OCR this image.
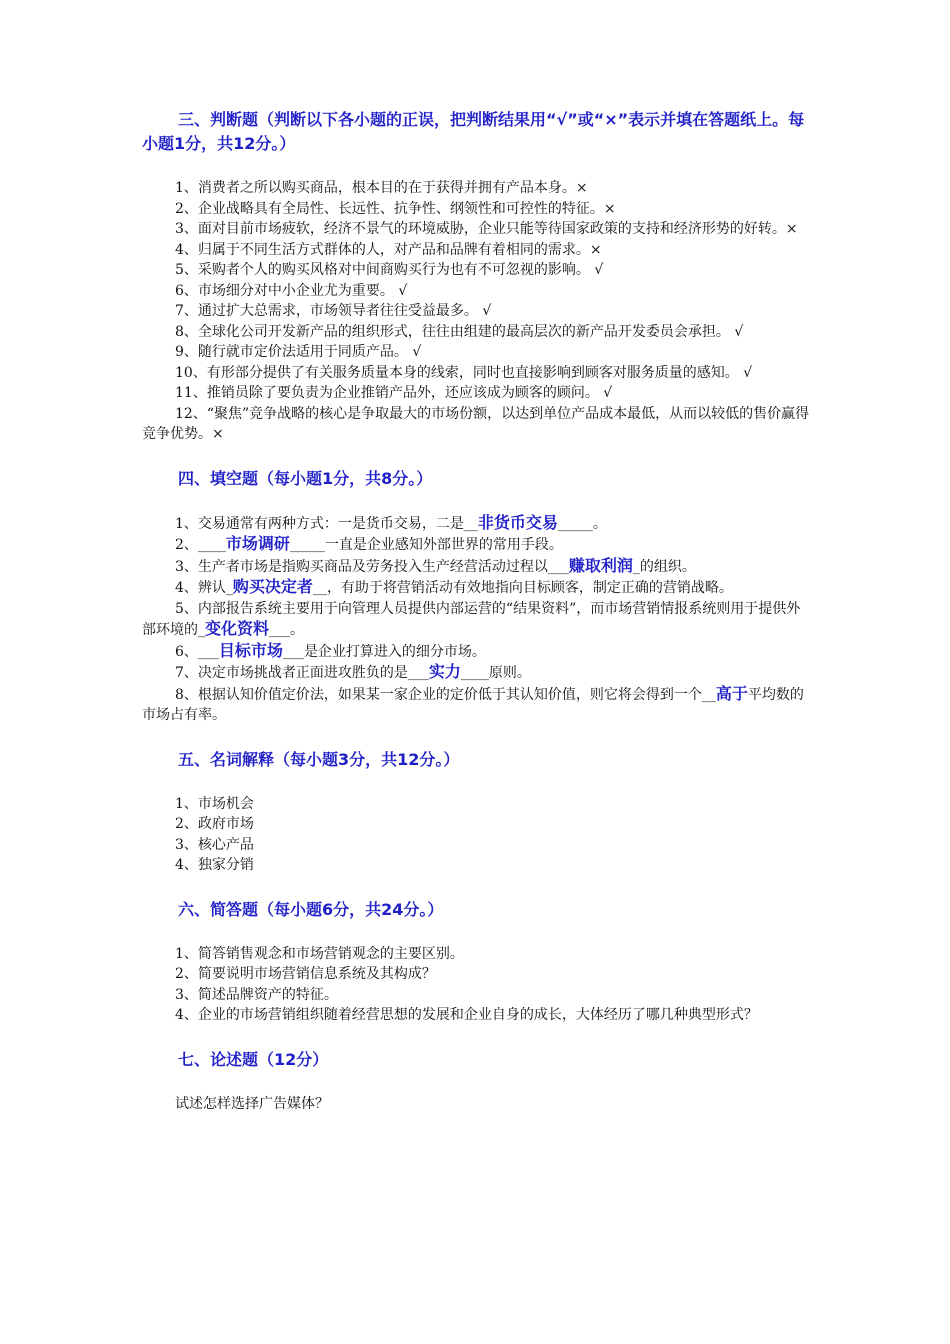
三、判断题（判断以下各小题的正误，把判断结果用“√”或“×”表示并填在答题纸上。每小题1分，共12分。）

1、消费者之所以购买商品，根本目的在于获得并拥有产品本身。×

2、企业战略具有全局性、长远性、抗争性、纲领性和可控性的特征。×

3、面对目前市场疲软，经济不景气的环境威胁，企业只能等待国家政策的支持和经济形势的好转。×

4、归属于不同生活方式群体的人，对产品和品牌有着相同的需求。×

5、采购者个人的购买风格对中间商购买行为也有不可忽视的影响。 √

6、市场细分对中小企业尤为重要。 √

7、通过扩大总需求，市场领导者往往受益最多。 √

8、全球化公司开发新产品的组织形式，往往由组建的最高层次的新产品开发委员会承担。 √

9、随行就市定价法适用于同质产品。 √

10、有形部分提供了有关服务质量本身的线索，同时也直接影响到顾客对服务质量的感知。 √

11、推销员除了要负责为企业推销产品外，还应该成为顾客的顾问。 √

12、“聚焦”竞争战略的核心是争取最大的市场份额，以达到单位产品成本最低，从而以较低的售价赢得竞争优势。×

四、填空题（每小题1分，共8分。）

1、交易通常有两种方式：一是货币交易，二是__非货币交易_____。

2、____市场调研_____一直是企业感知外部世界的常用手段。

3、生产者市场是指购买商品及劳务投入生产经营活动过程以___赚取利润_的组织。

4、辨认_购买决定者__，有助于将营销活动有效地指向目标顾客，制定正确的营销战略。

5、内部报告系统主要用于向管理人员提供内部运营的“结果资料”，而市场营销情报系统则用于提供外部环境的_变化资料___。

6、___目标市场___是企业打算进入的细分市场。

7、决定市场挑战者正面进攻胜负的是___实力____原则。

8、根据认知价值定价法，如果某一家企业的定价低于其认知价值，则它将会得到一个__高于平均数的市场占有率。

五、名词解释（每小题3分，共12分。）

1、市场机会

2、政府市场

3、核心产品

4、独家分销

六、简答题（每小题6分，共24分。）

1、简答销售观念和市场营销观念的主要区别。

2、简要说明市场营销信息系统及其构成？

3、简述品牌资产的特征。

4、企业的市场营销组织随着经营思想的发展和企业自身的成长，大体经历了哪几种典型形式？

七、论述题（12分）

试述怎样选择广告媒体？
